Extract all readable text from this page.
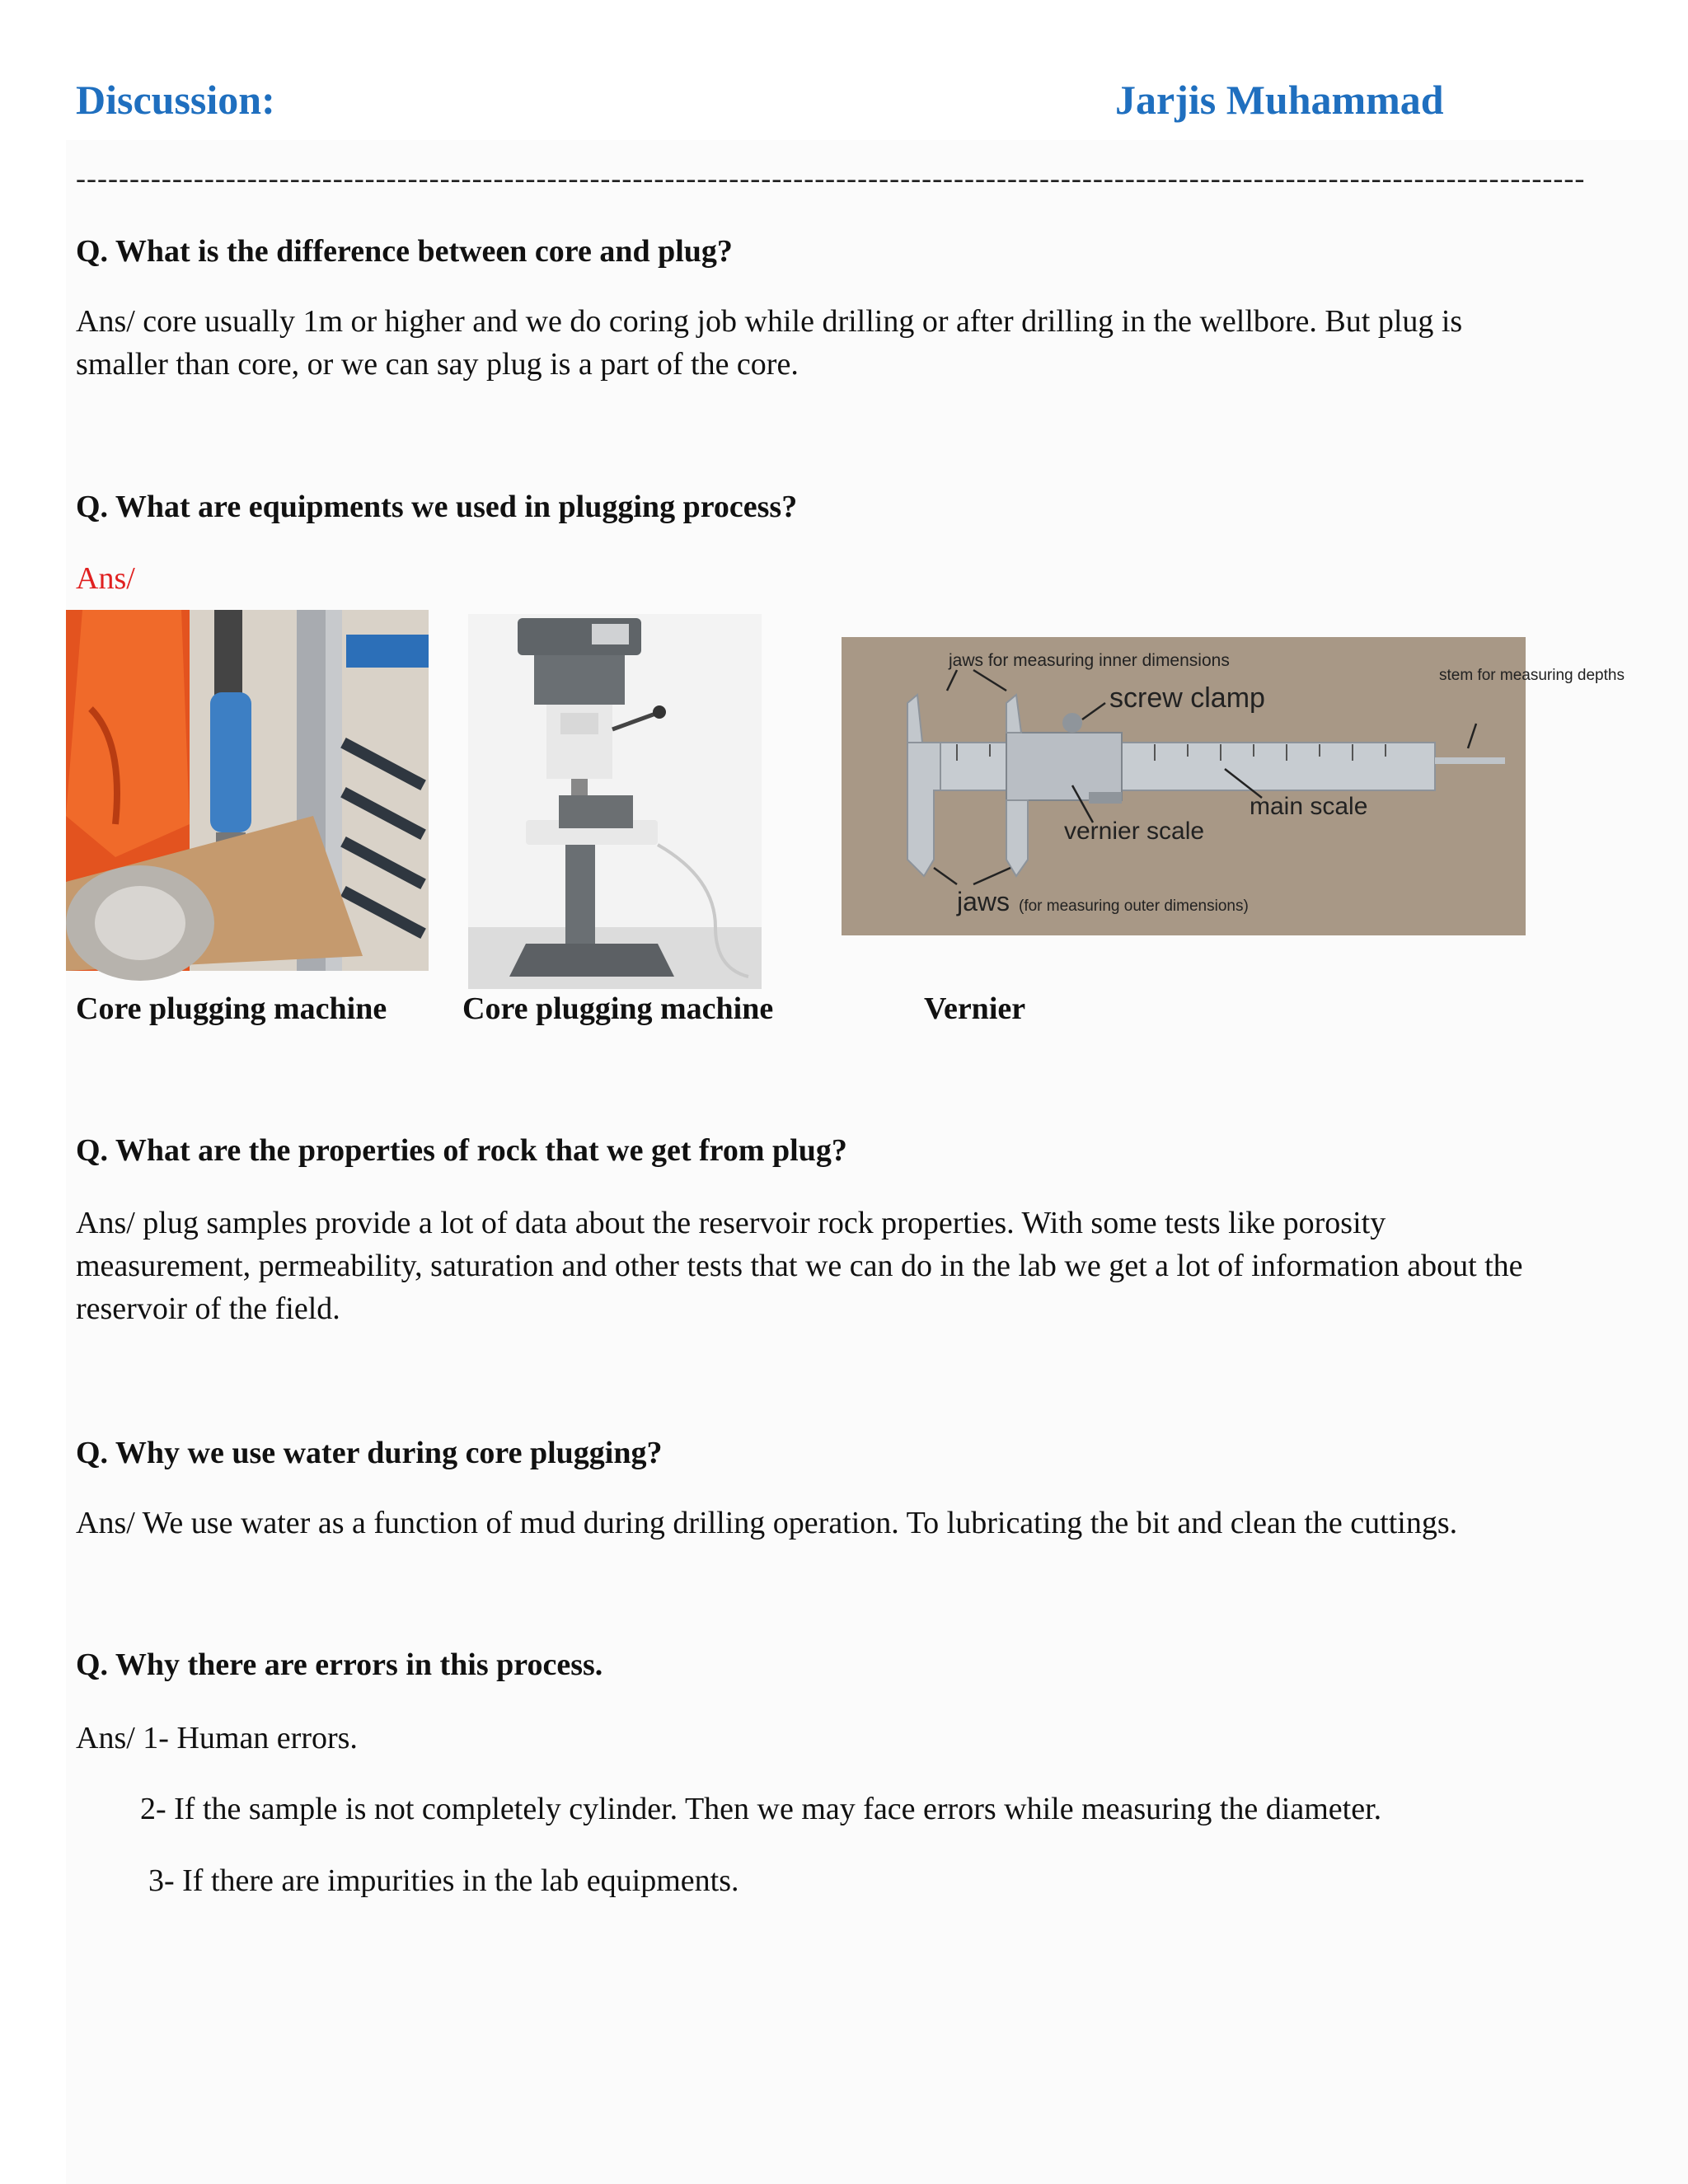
Discussion:	Jarjis Muhammad
---------------------------------------------------------------------------------------------------------------------------------------------
Q. What is the difference between core and plug?
Ans/ core usually 1m or higher and we do coring job while drilling or after drilling in the wellbore. But plug is
smaller than core, or we can say plug is a part of the core.
Q. What are equipments we used in plugging process?
Ans/
jaws for measuring inner dimensions
screw clamp
stem for measuring depths
main scale
vernier scale
jaws (for measuring outer dimensions)
Core plugging machine Core plugging machine	Vernier
Q. What are the properties of rock that we get from plug?
Ans/ plug samples provide a lot of data about the reservoir rock properties. With some tests like porosity
measurement, permeability, saturation and other tests that we can do in the lab we get a lot of information about the
reservoir of the field.
Q. Why we use water during core plugging?
Ans/ We use water as a function of mud during drilling operation. To lubricating the bit and clean the cuttings.
Q. Why there are errors in this process.
Ans/ 1- Human errors.
2- If the sample is not completely cylinder. Then we may face errors while measuring the diameter.
3- If there are impurities in the lab equipments.
